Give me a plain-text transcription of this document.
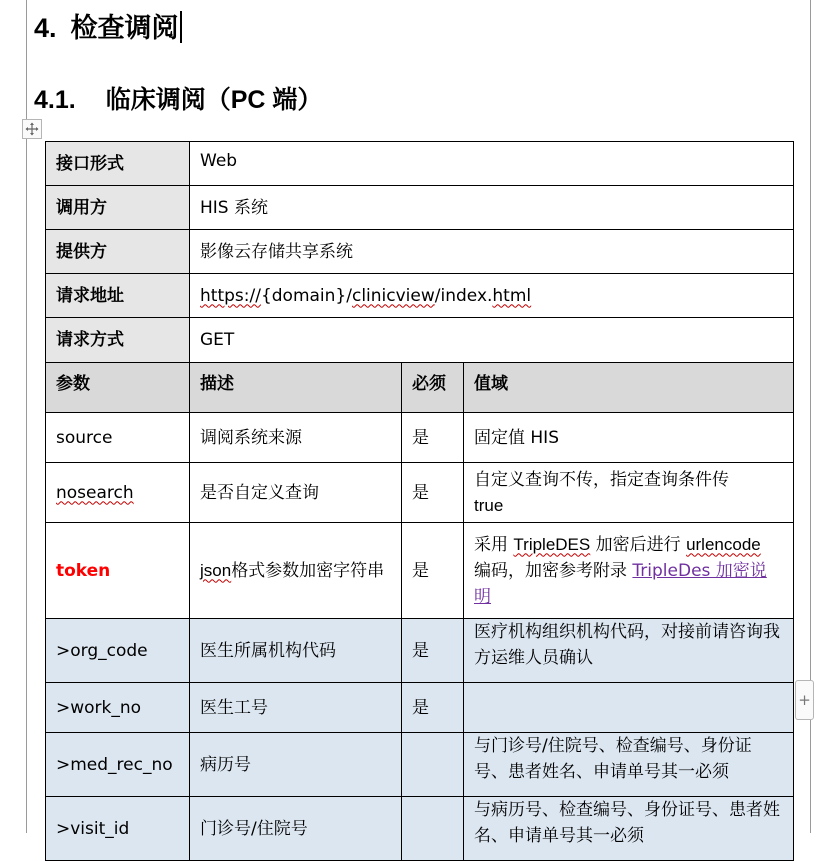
4. 检查调阅
4.1. 临床调阅（PC 端）
接口形式	Web		
调用方	HIS 系统		
提供方	影像云存储共享系统		
请求地址	https://{domain}/clinicview/index.html		
请求方式	GET		
参数	描述	必须	值域
source	调阅系统来源	是	固定值 HIS
nosearch	是否自定义查询	是	自定义查询不传，指定查询条件传
true
token	json格式参数加密字符串	是	采用 TripleDES 加密后进行 urlencode 编码，加密参考附录 TripleDes 加密说明
>org_code	医生所属机构代码	是	医疗机构组织机构代码，对接前请咨询我方运维人员确认
>work_no	医生工号	是	
>med_rec_no	病历号		与门诊号/住院号、检查编号、身份证号、患者姓名、申请单号其一必须
>visit_id	门诊号/住院号		与病历号、检查编号、身份证号、患者姓名、申请单号其一必须
+
